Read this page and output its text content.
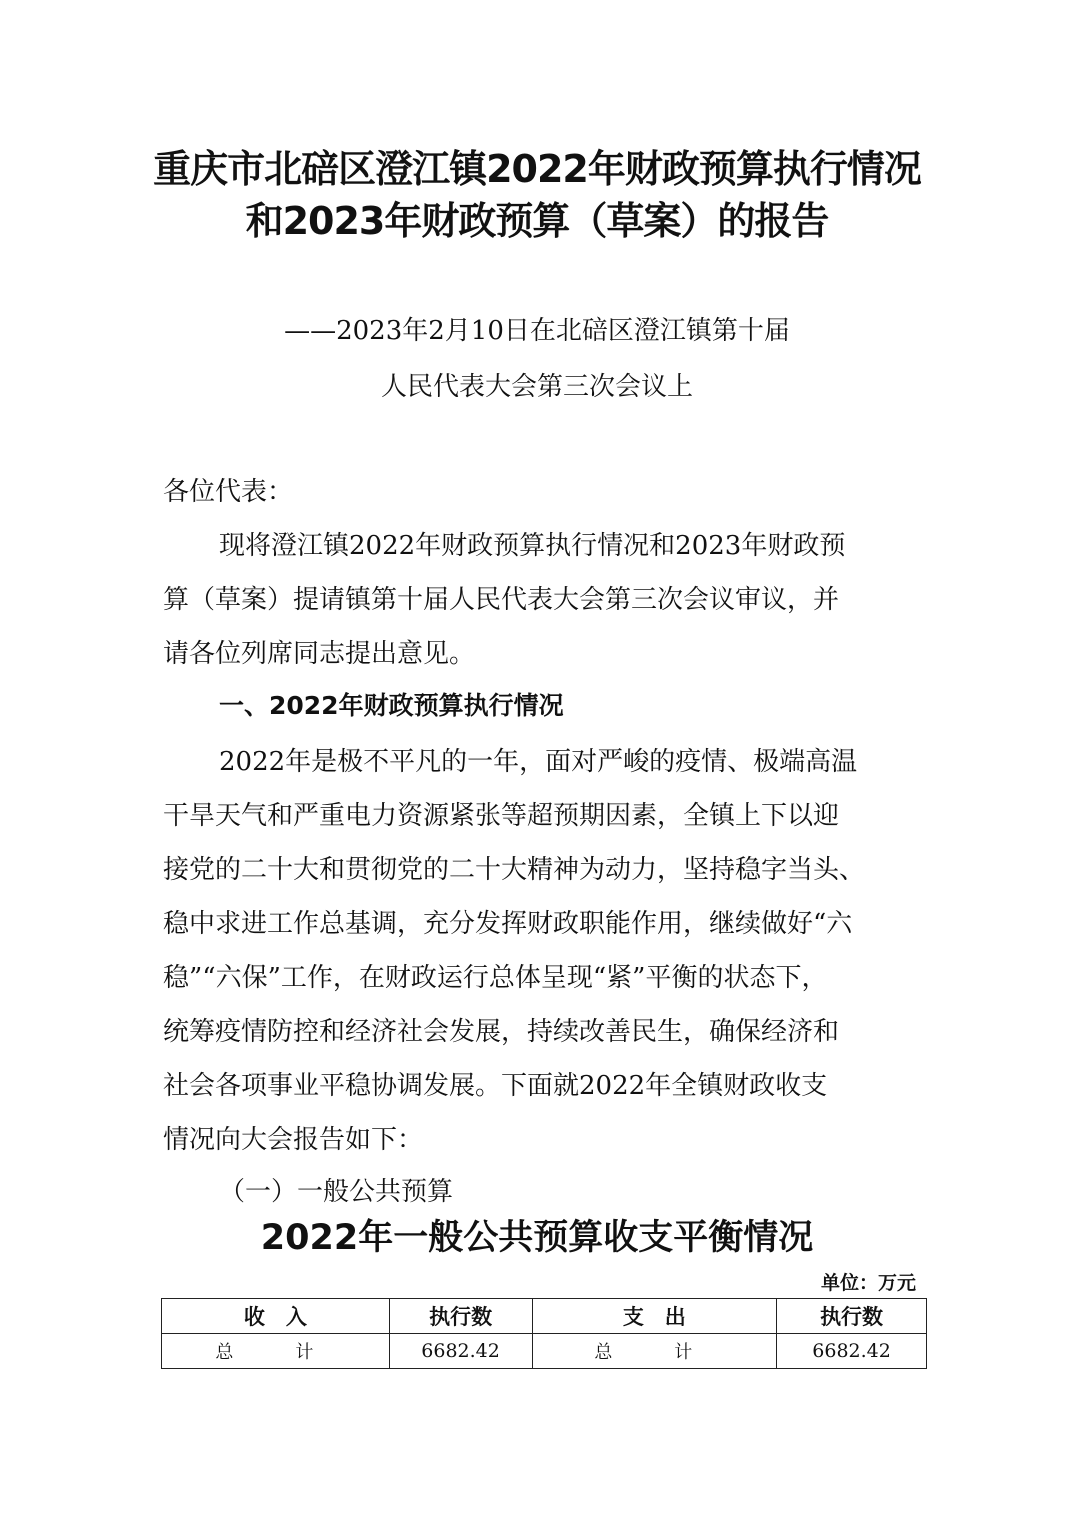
重庆市北碚区澄江镇2022年财政预算执行情况
和2023年财政预算（草案）的报告
——2023年2月10日在北碚区澄江镇第十届
人民代表大会第三次会议上
各位代表：
现将澄江镇2022年财政预算执行情况和2023年财政预
算（草案）提请镇第十届人民代表大会第三次会议审议，并
请各位列席同志提出意见。
一、2022年财政预算执行情况
2022年是极不平凡的一年，面对严峻的疫情、极端高温
干旱天气和严重电力资源紧张等超预期因素，全镇上下以迎
接党的二十大和贯彻党的二十大精神为动力，坚持稳字当头、
稳中求进工作总基调，充分发挥财政职能作用，继续做好“六
稳”“六保”工作，在财政运行总体呈现“紧”平衡的状态下，
统筹疫情防控和经济社会发展，持续改善民生，确保经济和
社会各项事业平稳协调发展。下面就2022年全镇财政收支
情况向大会报告如下：
（一）一般公共预算
2022年一般公共预算收支平衡情况
单位：万元
收　入	执行数	支　出	执行数
总　计	6682.42	总　计	6682.42
